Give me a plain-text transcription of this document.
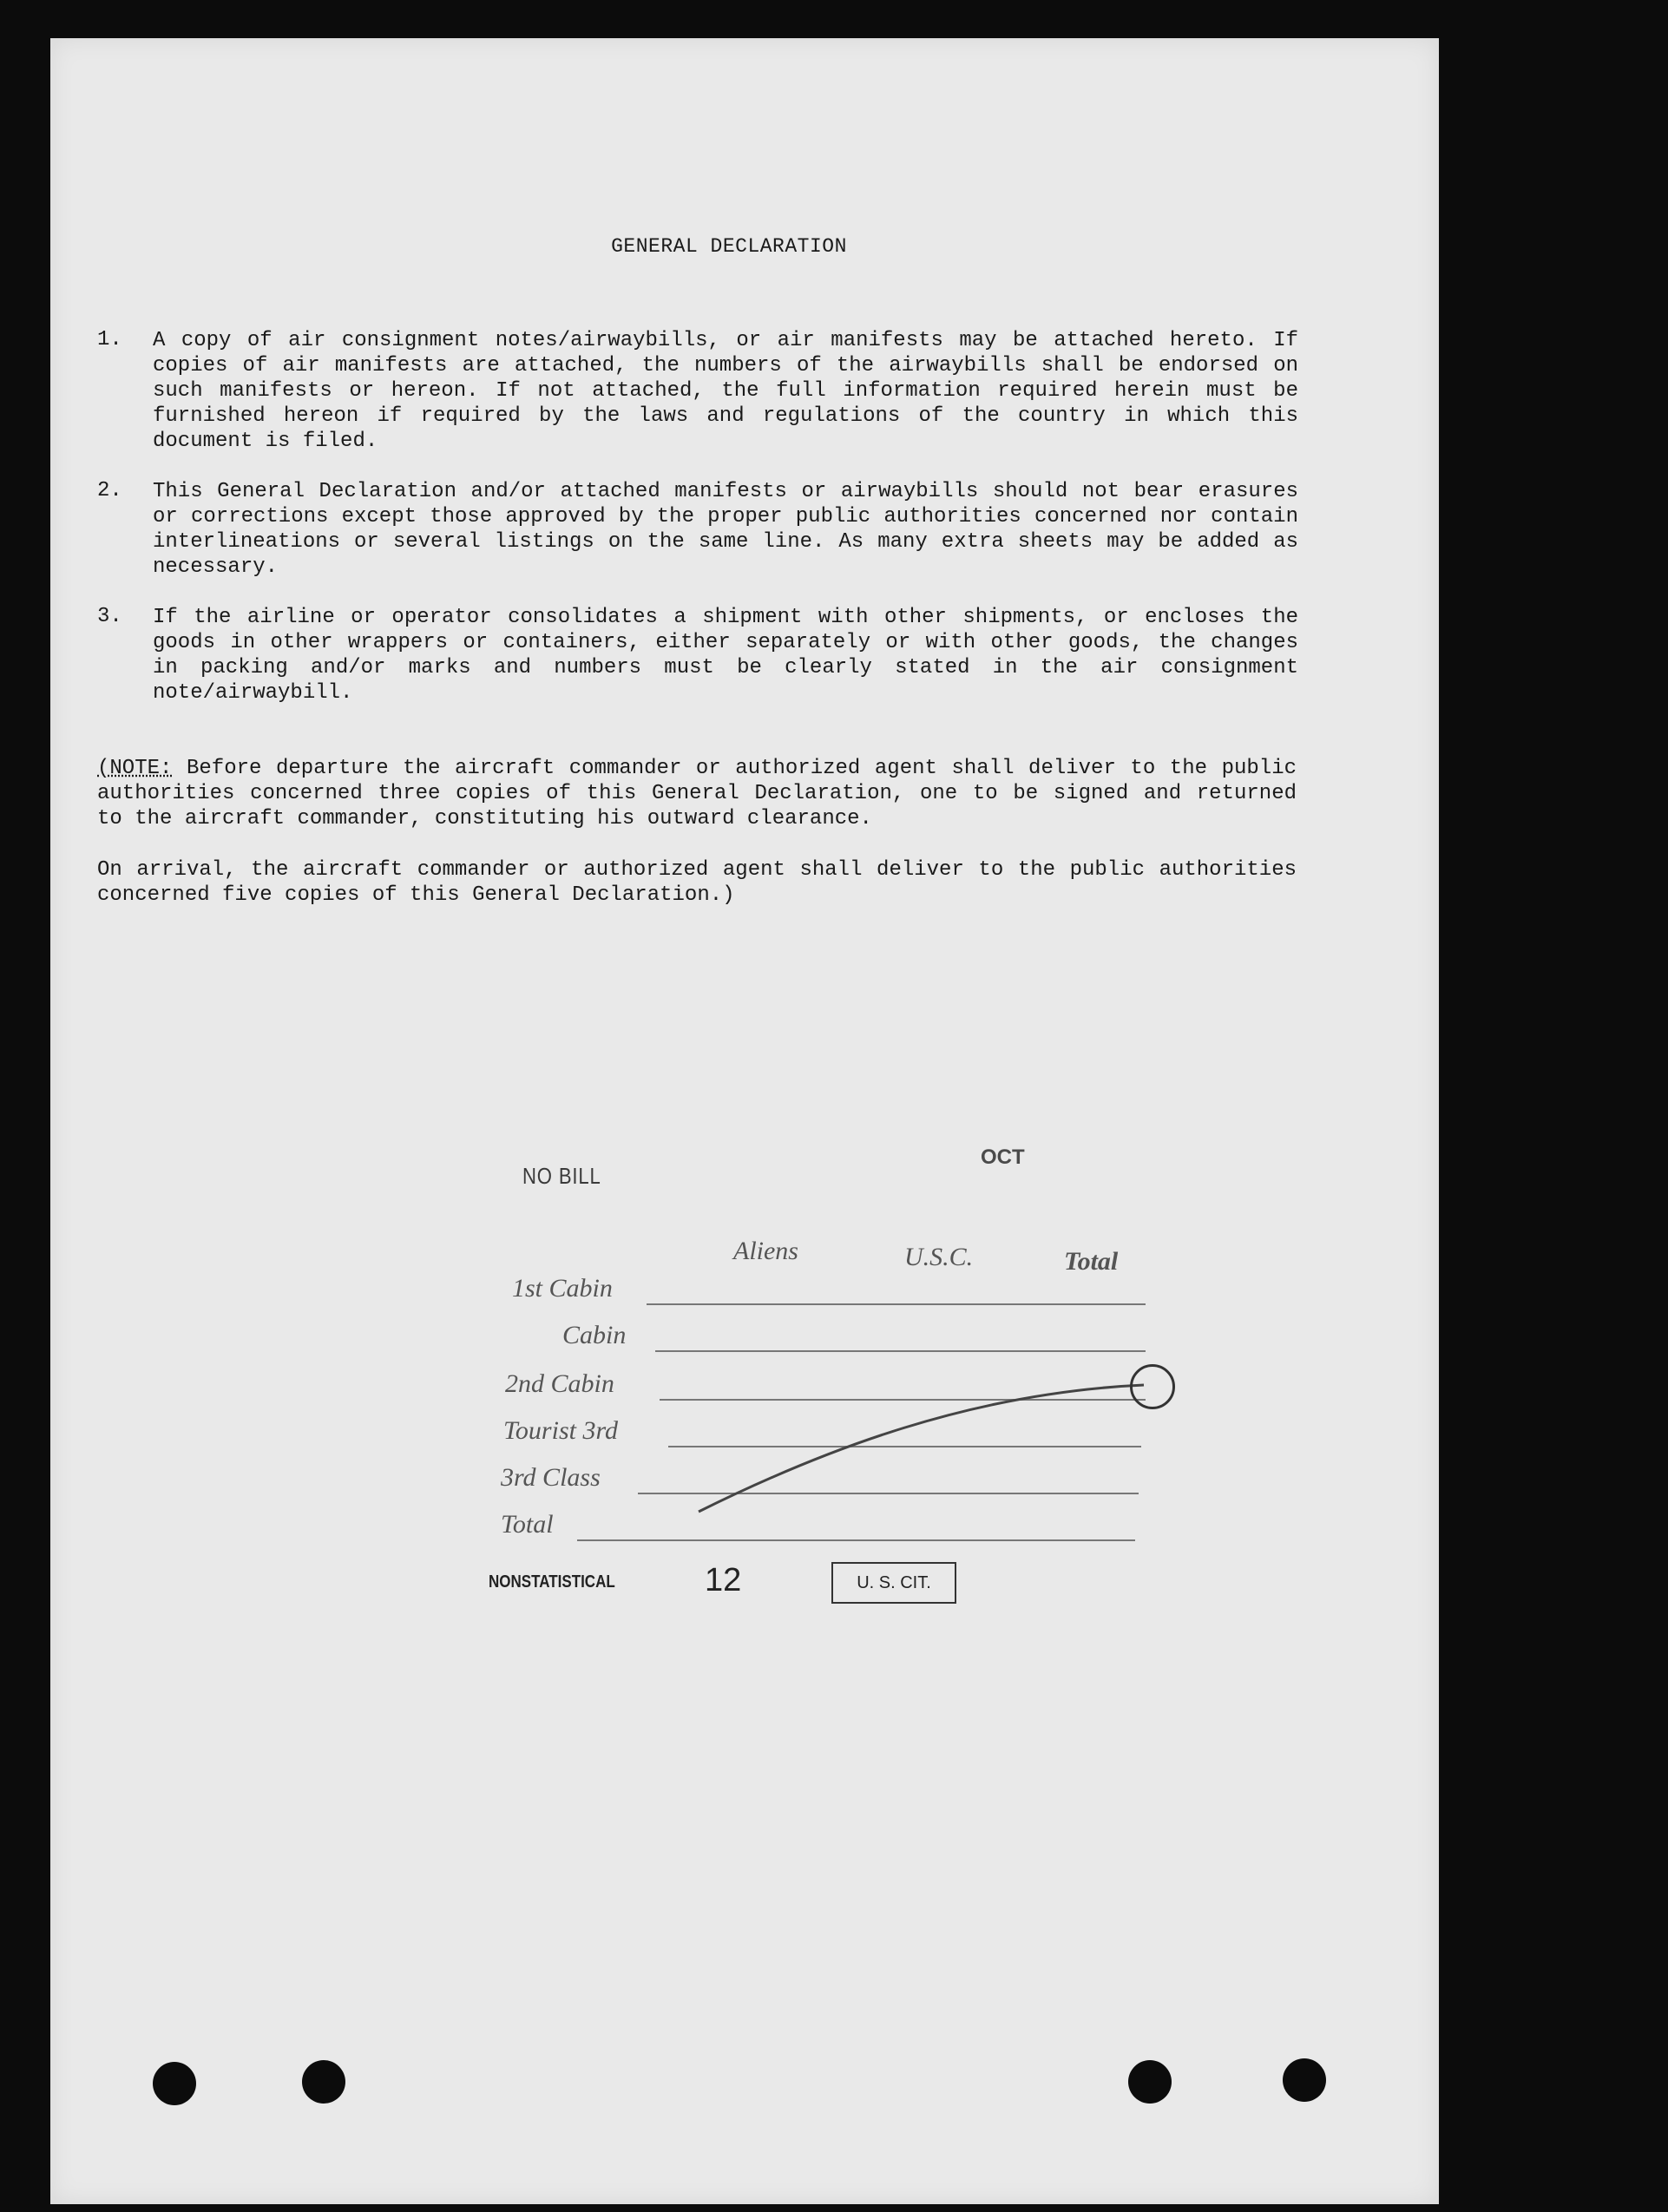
GENERAL DECLARATION
1. A copy of air consignment notes/airwaybills, or air manifests may be attached hereto. If copies of air manifests are attached, the numbers of the airwaybills shall be endorsed on such manifests or hereon. If not attached, the full information required herein must be furnished hereon if required by the laws and regulations of the country in which this document is filed.
2. This General Declaration and/or attached manifests or airwaybills should not bear erasures or corrections except those approved by the proper public authorities concerned nor contain interlineations or several listings on the same line. As many extra sheets may be added as necessary.
3. If the airline or operator consolidates a shipment with other shipments, or encloses the goods in other wrappers or containers, either separately or with other goods, the changes in packing and/or marks and numbers must be clearly stated in the air consignment note/airwaybill.
(NOTE: Before departure the aircraft commander or authorized agent shall deliver to the public authorities concerned three copies of this General Declaration, one to be signed and returned to the aircraft commander, constituting his outward clearance.
On arrival, the aircraft commander or authorized agent shall deliver to the public authorities concerned five copies of this General Declaration.)
NO BILL
OCT
Aliens	U.S.C.	Total
1st Cabin
Cabin
2nd Cabin
Tourist 3rd
3rd Class
Total
NONSTATISTICAL	12	U. S. CIT.
